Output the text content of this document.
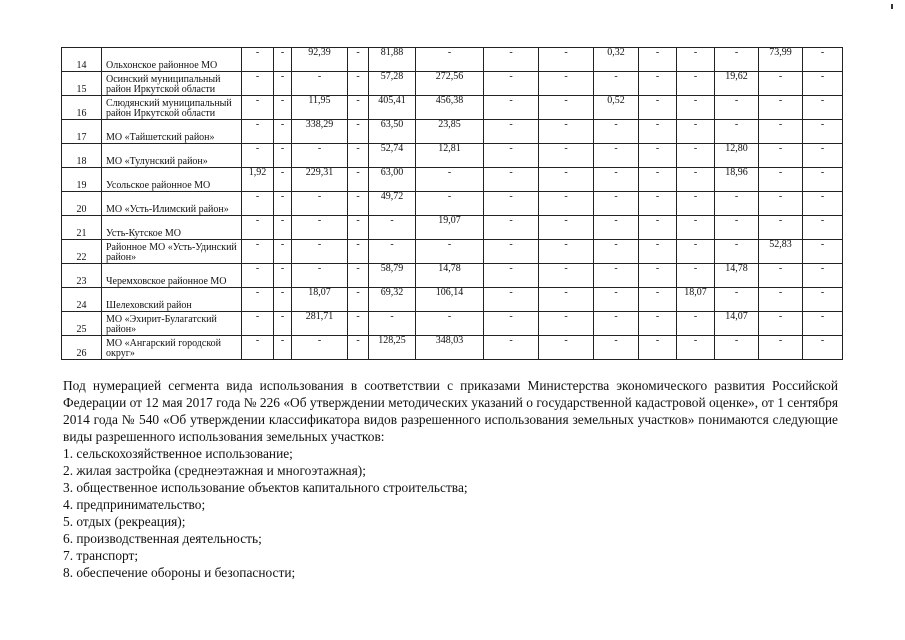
14	Ольхонское районное МО	-	-	92,39	-	81,88	-	-	-	0,32	-	-	-	73,99	-
15	Осинский муниципальный район Иркутской области	-	-	-	-	57,28	272,56	-	-	-	-	-	19,62	-	-
16	Слюдянский муниципальный район Иркутской области	-	-	11,95	-	405,41	456,38	-	-	0,52	-	-	-	-	-
17	МО «Тайшетский район»	-	-	338,29	-	63,50	23,85	-	-	-	-	-	-	-	-
18	МО «Тулунский район»	-	-	-	-	52,74	12,81	-	-	-	-	-	12,80	-	-
19	Усольское районное МО	1,92	-	229,31	-	63,00	-	-	-	-	-	-	18,96	-	-
20	МО «Усть-Илимский район»	-	-	-	-	49,72	-	-	-	-	-	-	-	-	-
21	Усть-Кутское МО	-	-	-	-	-	19,07	-	-	-	-	-	-	-	-
22	Районное МО «Усть-Удинский район»	-	-	-	-	-	-	-	-	-	-	-	-	52,83	-
23	Черемховское районное МО	-	-	-	-	58,79	14,78	-	-	-	-	-	14,78	-	-
24	Шелеховский район	-	-	18,07	-	69,32	106,14	-	-	-	-	18,07	-	-	-
25	МО «Эхирит-Булагатский район»	-	-	281,71	-	-	-	-	-	-	-	-	14,07	-	-
26	МО «Ангарский городской округ»	-	-	-	-	128,25	348,03	-	-	-	-	-	-	-	-

Под нумерацией сегмента вида использования в соответствии с приказами Министерства экономического развития Российской Федерации от 12 мая 2017 года № 226 «Об утверждении методических указаний о государственной кадастровой оценке», от 1 сентября 2014 года № 540 «Об утверждении классификатора видов разрешенного использования земельных участков» понимаются следующие виды разрешенного использования земельных участков:

1. сельскохозяйственное использование;
2. жилая застройка (среднеэтажная и многоэтажная);
3. общественное использование объектов капитального строительства;
4. предпринимательство;
5. отдых (рекреация);
6. производственная деятельность;
7. транспорт;
8. обеспечение обороны и безопасности;
